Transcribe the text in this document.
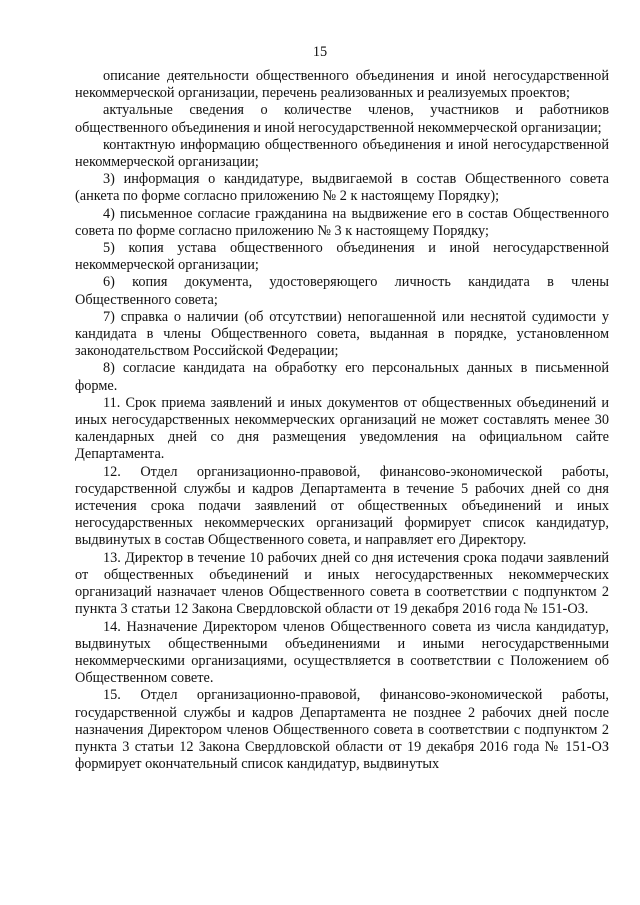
15

описание деятельности общественного объединения и иной негосударственной некоммерческой организации, перечень реализованных и реализуемых проектов;

актуальные сведения о количестве членов, участников и работников общественного объединения и иной негосударственной некоммерческой организации;

контактную информацию общественного объединения и иной негосударственной некоммерческой организации;

3) информация о кандидатуре, выдвигаемой в состав Общественного совета (анкета по форме согласно приложению № 2 к настоящему Порядку);

4) письменное согласие гражданина на выдвижение его в состав Общественного совета по форме согласно приложению № 3 к настоящему Порядку;

5) копия устава общественного объединения и иной негосударственной некоммерческой организации;

6) копия документа, удостоверяющего личность кандидата в члены Общественного совета;

7) справка о наличии (об отсутствии) непогашенной или неснятой судимости у кандидата в члены Общественного совета, выданная в порядке, установленном законодательством Российской Федерации;

8) согласие кандидата на обработку его персональных данных в письменной форме.

11. Срок приема заявлений и иных документов от общественных объединений и иных негосударственных некоммерческих организаций не может составлять менее 30 календарных дней со дня размещения уведомления на официальном сайте Департамента.

12. Отдел организационно-правовой, финансово-экономической работы, государственной службы и кадров Департамента в течение 5 рабочих дней со дня истечения срока подачи заявлений от общественных объединений и иных негосударственных некоммерческих организаций формирует список кандидатур, выдвинутых в состав Общественного совета, и направляет его Директору.

13. Директор в течение 10 рабочих дней со дня истечения срока подачи заявлений от общественных объединений и иных негосударственных некоммерческих организаций назначает членов Общественного совета в соответствии с подпунктом 2 пункта 3 статьи 12 Закона Свердловской области от 19 декабря 2016 года № 151-ОЗ.

14. Назначение Директором членов Общественного совета из числа кандидатур, выдвинутых общественными объединениями и иными негосударственными некоммерческими организациями, осуществляется в соответствии с Положением об Общественном совете.

15. Отдел организационно-правовой, финансово-экономической работы, государственной службы и кадров Департамента не позднее 2 рабочих дней после назначения Директором членов Общественного совета в соответствии с подпунктом 2 пункта 3 статьи 12 Закона Свердловской области от 19 декабря 2016 года № 151-ОЗ формирует окончательный список кандидатур, выдвинутых
